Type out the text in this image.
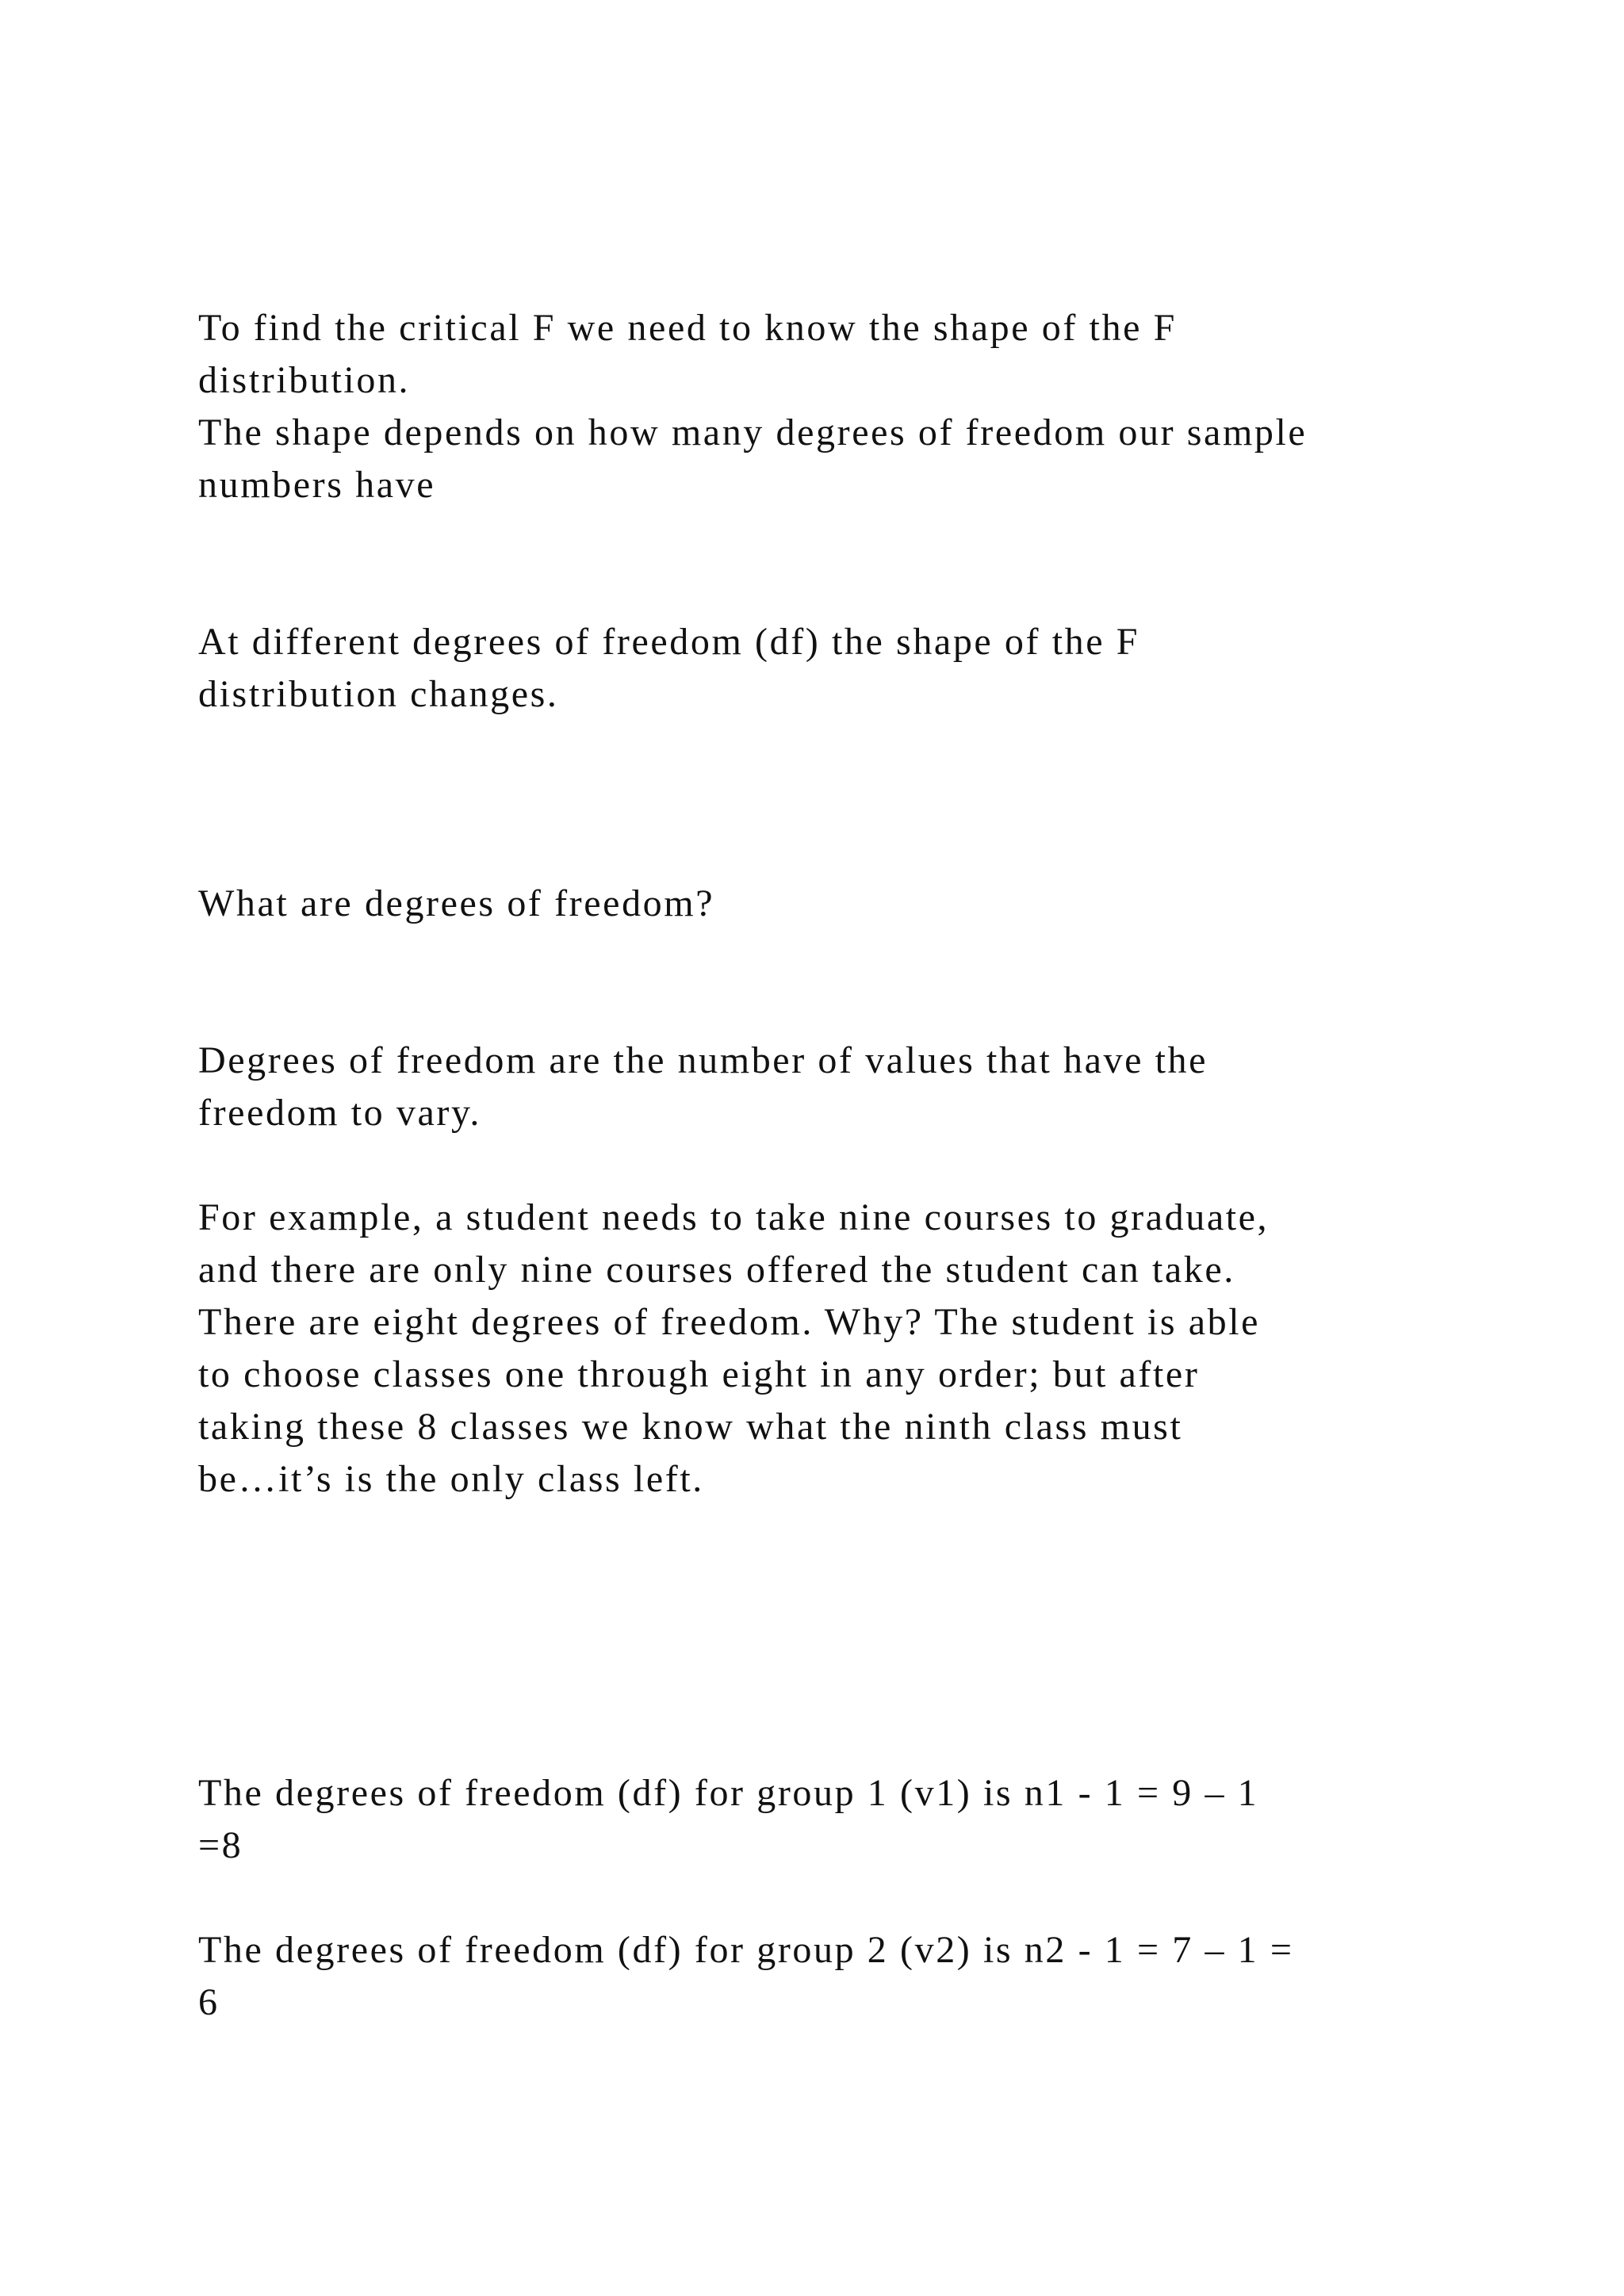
To find the critical F we need to know the shape of the F
distribution.
The shape depends on how many degrees of freedom our sample
numbers have
At different degrees of freedom (df) the shape of the F
distribution changes.
What are degrees of freedom?
Degrees of freedom are the number of values that have the
freedom to vary.
For example, a student needs to take nine courses to graduate,
and there are only nine courses offered the student can take.
There are eight degrees of freedom. Why? The student is able
to choose classes one through eight in any order; but after
taking these 8 classes we know what the ninth class must
be…it’s is the only class left.
The degrees of freedom (df) for group 1 (v1) is n1 - 1 = 9 – 1
=8
The degrees of freedom (df) for group 2 (v2) is n2 - 1 = 7 – 1 =
6
